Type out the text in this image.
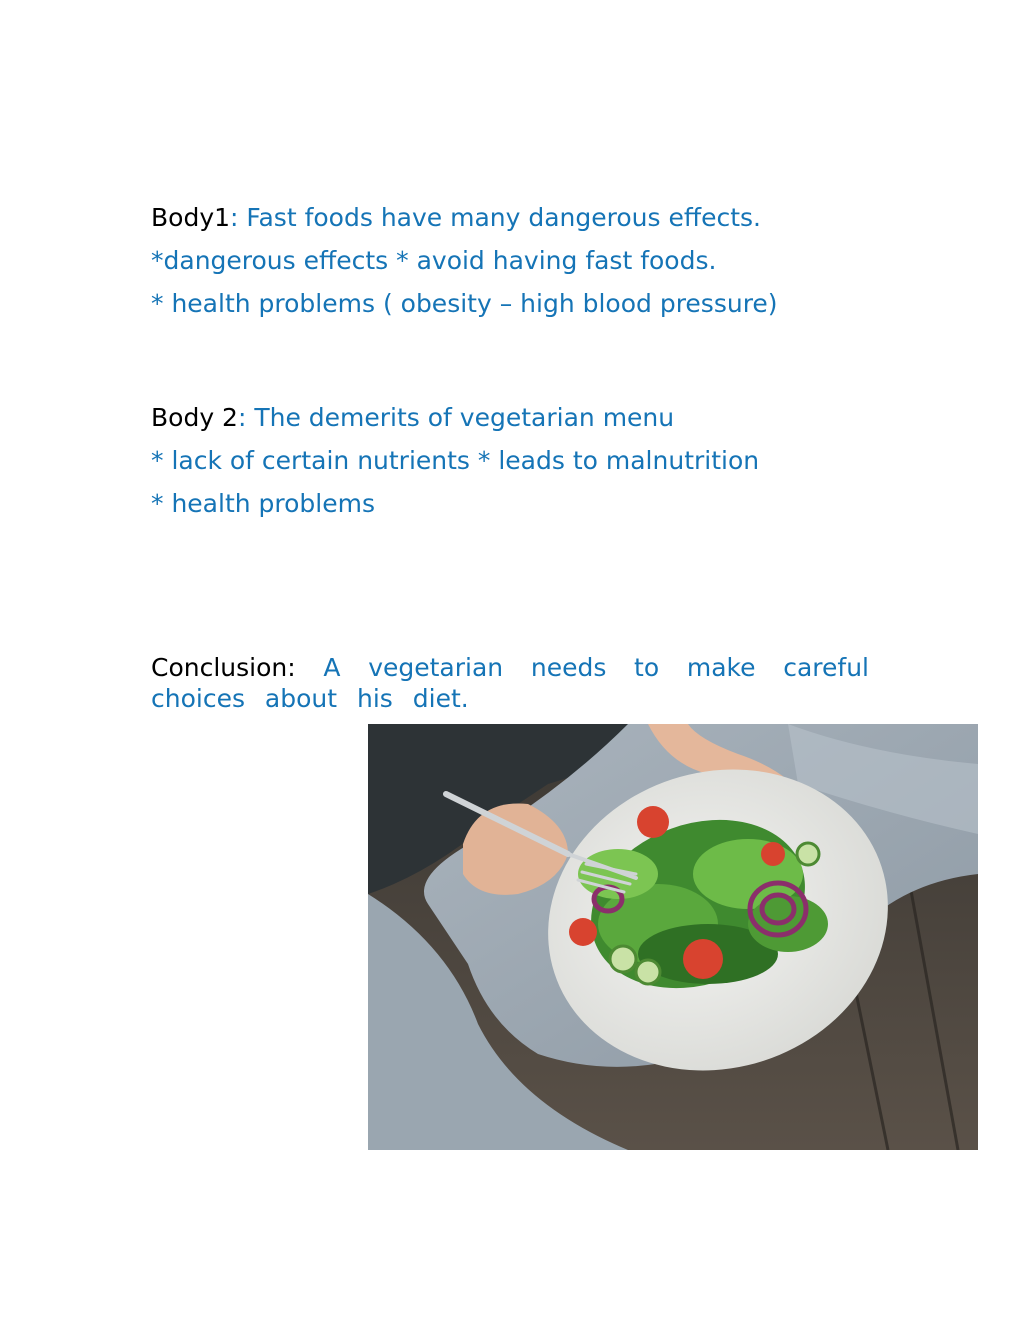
Body1: Fast foods have many dangerous effects.
*dangerous effects * avoid having fast foods.
* health problems ( obesity – high blood pressure)
Body 2: The demerits of vegetarian menu
* lack of certain nutrients * leads to malnutrition
* health problems
Conclusion: A vegetarian needs to make careful choices about his diet.
